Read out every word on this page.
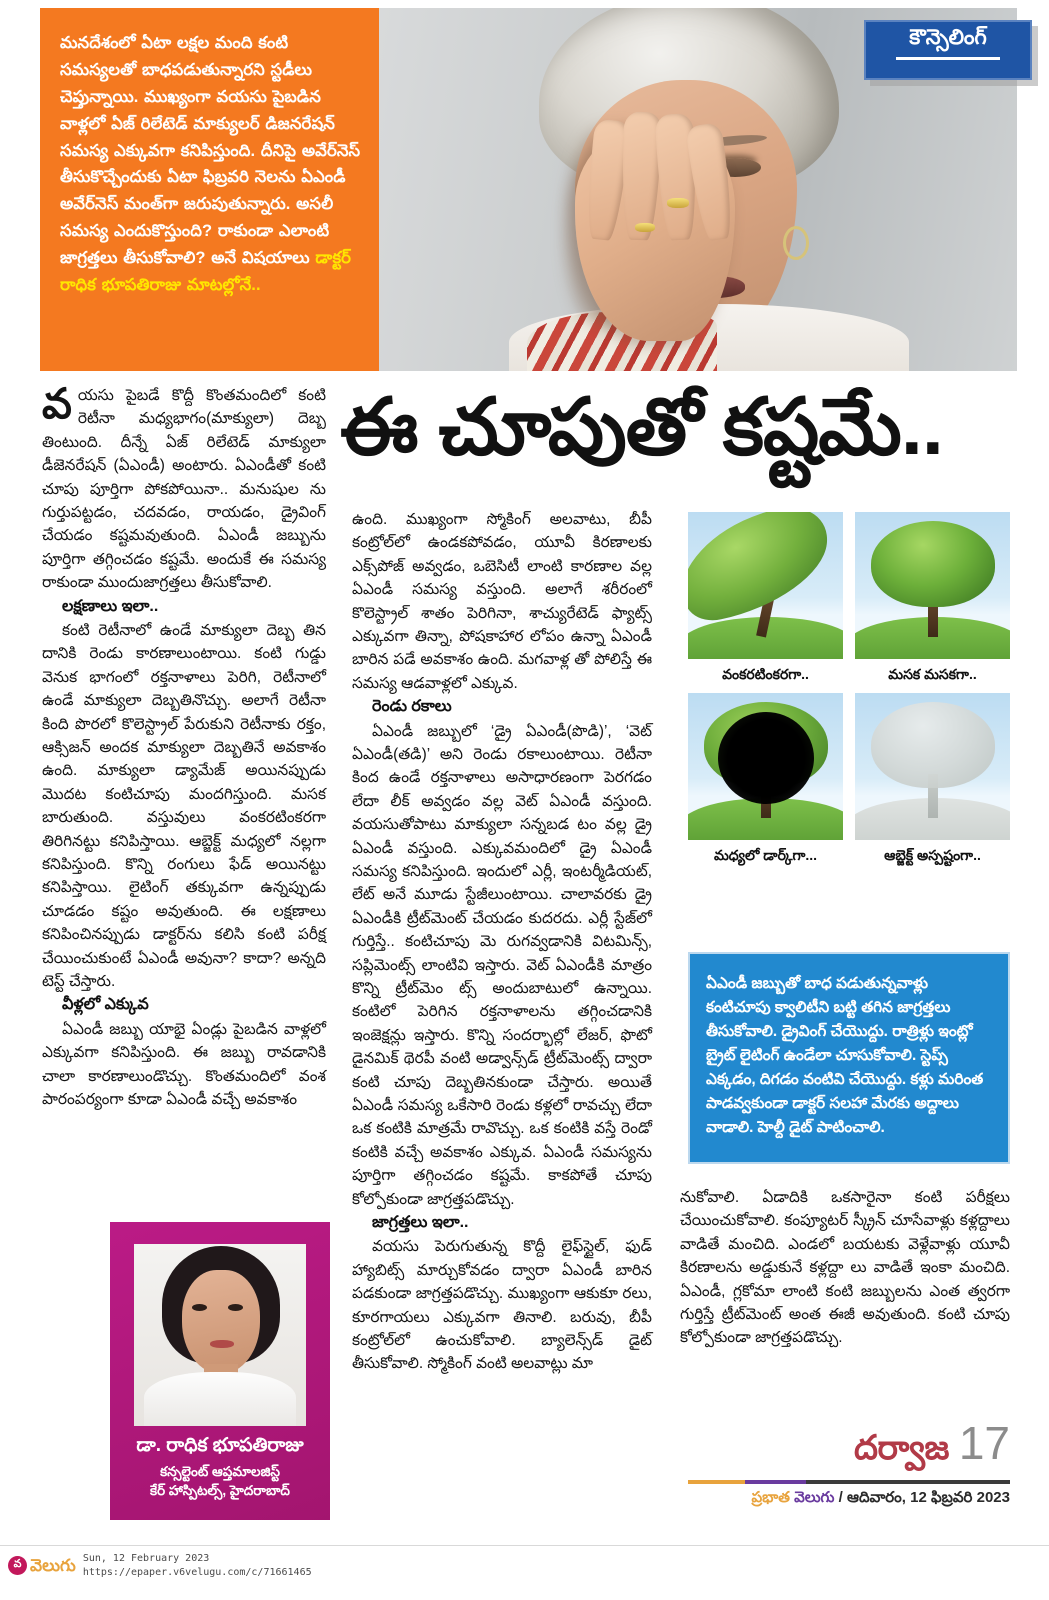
మనదేశంలో ఏటా లక్షల మంది కంటి సమస్యలతో బాధపడుతున్నారని స్టడీలు చెప్తున్నాయి. ముఖ్యంగా వయసు పైబడిన వాళ్లలో ఏజ్ రిలేటెడ్ మాక్యులర్ డిజనరేషన్ సమస్య ఎక్కువగా కనిపిస్తుంది. దీనిపై అవేర్‌నెస్ తీసుకొచ్చేందుకు ఏటా ఫిబ్రవరి నెలను ఏఎండీ అవేర్‌నెస్ మంత్‌గా జరుపుతున్నారు. అసలీ సమస్య ఎందుకొస్తుంది? రాకుండా ఎలాంటి జాగ్రత్తలు తీసుకోవాలి? అనే విషయాలు డాక్టర్ రాధిక భూపతిరాజు మాటల్లోనే..
కౌన్సెలింగ్
ఈ చూపుతో కష్టమే..

వయసు పైబడే కొద్దీ కొంతమందిలో కంటి రెటీనా మధ్యభాగం(మాక్యులా) దెబ్బ తింటుంది. దీన్నే ఏజ్ రిలేటెడ్ మాక్యులా డీజెనరేషన్ (ఏఎండీ) అంటారు. ఏఎండీతో కంటి చూపు పూర్తిగా పోకపోయినా.. మనుషుల ను గుర్తుపట్టడం, చదవడం, రాయడం, డ్రైవింగ్ చేయడం కష్టమవుతుంది. ఏఎండీ జబ్బును పూర్తిగా తగ్గించడం కష్టమే. అందుకే ఈ సమస్య రాకుండా ముందుజాగ్రత్తలు తీసుకోవాలి.

లక్షణాలు ఇలా..

కంటి రెటీనాలో ఉండే మాక్యులా దెబ్బ తిన దానికి రెండు కారణాలుంటాయి. కంటి గుడ్డు వెనుక భాగంలో రక్తనాళాలు పెరిగి, రెటీనాలో ఉండే మాక్యులా దెబ్బతినొచ్చు. అలాగే రెటీనా కింది పొరలో కొలెస్ట్రాల్ పేరుకుని రెటీనాకు రక్తం, ఆక్సిజన్ అందక మాక్యులా దెబ్బతినే అవకాశం ఉంది. మాక్యులా డ్యామేజ్ అయినప్పుడు మొదట కంటిచూపు మందగిస్తుంది. మసక బారుతుంది. వస్తువులు వంకరటింకరగా తిరిగినట్టు కనిపిస్తాయి. ఆబ్జెక్ట్ మధ్యలో నల్లగా కనిపిస్తుంది. కొన్ని రంగులు ఫేడ్ అయినట్టు కనిపిస్తాయి. లైటింగ్ తక్కువగా ఉన్నప్పుడు చూడడం కష్టం అవుతుంది. ఈ లక్షణాలు కనిపించినప్పుడు డాక్టర్‌ను కలిసి కంటి పరీక్ష చేయించుకుంటే ఏఎండీ అవునా? కాదా? అన్నది టెస్ట్ చేస్తారు.

వీళ్లలో ఎక్కువ

ఏఎండీ జబ్బు యాభై ఏండ్లు పైబడిన వాళ్లలో ఎక్కువగా కనిపిస్తుంది. ఈ జబ్బు రావడానికి చాలా కారణాలుండొచ్చు. కొంతమందిలో వంశ పారంపర్యంగా కూడా ఏఎండీ వచ్చే అవకాశం

డా. రాధిక భూపతిరాజు
కన్సల్టెంట్ ఆప్తమాలజిస్ట్
కేర్ హాస్పిటల్స్, హైదరాబాద్

ఉంది. ముఖ్యంగా స్మోకింగ్ అలవాటు, బీపీ కంట్రోల్‌లో ఉండకపోవడం, యూవీ కిరణాలకు ఎక్స్‌పోజ్ అవ్వడం, ఒబెసిటీ లాంటి కారణాల వల్ల ఏఎండీ సమస్య వస్తుంది. అలాగే శరీరంలో కొలెస్ట్రాల్ శాతం పెరిగినా, శాచ్యురేటెడ్ ఫ్యాట్స్ ఎక్కువగా తిన్నా, పోషకాహార లోపం ఉన్నా ఏఎండీ బారిన పడే అవకాశం ఉంది. మగవాళ్ల తో పోలిస్తే ఈ సమస్య ఆడవాళ్లలో ఎక్కువ.

రెండు రకాలు

ఏఎండీ జబ్బులో ‘డ్రై ఏఎండీ(పొడి)’, ‘వెట్ ఏఎండీ(తడి)’ అని రెండు రకాలుంటాయి. రెటీనా కింద ఉండే రక్తనాళాలు అసాధారణంగా పెరగడం లేదా లీక్ అవ్వడం వల్ల వెట్ ఏఎండీ వస్తుంది. వయసుతోపాటు మాక్యులా సన్నబడ టం వల్ల డ్రై ఏఎండీ వస్తుంది. ఎక్కువమందిలో డ్రై ఏఎండీ సమస్య కనిపిస్తుంది. ఇందులో ఎర్లీ, ఇంటర్మీడియట్, లేట్ అనే మూడు స్టేజీలుంటాయి. చాలావరకు డ్రై ఏఎండీకి ట్రీట్‌మెంట్ చేయడం కుదరదు. ఎర్లీ స్టేజ్‌లో గుర్తిస్తే.. కంటిచూపు మె రుగవ్వడానికి విటమిన్స్, సప్లిమెంట్స్ లాంటివి ఇస్తారు. వెట్ ఏఎండీకి మాత్రం కొన్ని ట్రీట్‌మెం ట్స్ అందుబాటులో ఉన్నాయి. కంటిలో పెరిగిన రక్తనాళాలను తగ్గించడానికి ఇంజెక్షన్లు ఇస్తారు. కొన్ని సందర్భాల్లో లేజర్, ఫొటో డైనమిక్ థెరపీ వంటి అడ్వాన్స్‌డ్ ట్రీట్‌మెంట్స్ ద్వారా కంటి చూపు దెబ్బతినకుండా చేస్తారు. అయితే ఏఎండీ సమస్య ఒకేసారి రెండు కళ్లలో రావచ్చు లేదా ఒక కంటికి మాత్రమే రావొచ్చు. ఒక కంటికి వస్తే రెండో కంటికి వచ్చే అవకాశం ఎక్కువ. ఏఎండీ సమస్యను పూర్తిగా తగ్గించడం కష్టమే. కాకపోతే చూపు కోల్పోకుండా జాగ్రత్తపడొచ్చు.

జాగ్రత్తలు ఇలా..

వయసు పెరుగుతున్న కొద్దీ లైఫ్‌స్టైల్, ఫుడ్ హ్యాబిట్స్ మార్చుకోవడం ద్వారా ఏఎండీ బారిన పడకుండా జాగ్రత్తపడొచ్చు. ముఖ్యంగా ఆకుకూ రలు, కూరగాయలు ఎక్కువగా తినాలి. బరువు, బీపీ కంట్రోల్‌లో ఉంచుకోవాలి. బ్యాలెన్స్‌డ్ డైట్ తీసుకోవాలి. స్మోకింగ్ వంటి అలవాట్లు మా

వంకరటింకరగా..	మసక మసకగా..
మధ్యలో డార్క్‌గా...	ఆబ్జెక్ట్ అస్పష్టంగా..
ఏఎండీ జబ్బుతో బాధ పడుతున్నవాళ్లు కంటిచూపు క్వాలిటీని బట్టి తగిన జాగ్రత్తలు తీసుకోవాలి. డ్రైవింగ్ చేయొద్దు. రాత్రిళ్లు ఇంట్లో బ్రైట్ లైటింగ్ ఉండేలా చూసుకోవాలి. స్టెప్స్ ఎక్కడం, దిగడం వంటివి చేయొద్దు. కళ్లు మరింత పాడవ్వకుండా డాక్టర్ సలహా మేరకు అద్దాలు వాడాలి. హెల్దీ డైట్ పాటించాలి.

నుకోవాలి. ఏడాదికి ఒకసారైనా కంటి పరీక్షలు చేయించుకోవాలి. కంప్యూటర్ స్క్రీన్ చూసేవాళ్లు కళ్లద్దాలు వాడితే మంచిది. ఎండలో బయటకు వెళ్లేవాళ్లు యూవీ కిరణాలను అడ్డుకునే కళ్లద్దా లు వాడితే ఇంకా మంచిది. ఏఎండీ, గ్లకోమా లాంటి కంటి జబ్బులను ఎంత త్వరగా గుర్తిస్తే ట్రీట్‌మెంట్ అంత ఈజీ అవుతుంది. కంటి చూపు కోల్పోకుండా జాగ్రత్తపడొచ్చు.

దర్వాజ 17
ప్రభాత వెలుగు / ఆదివారం, 12 ఫిబ్రవరి 2023
వ వెలుగు Sun, 12 February 2023
https://epaper.v6velugu.com/c/71661465
